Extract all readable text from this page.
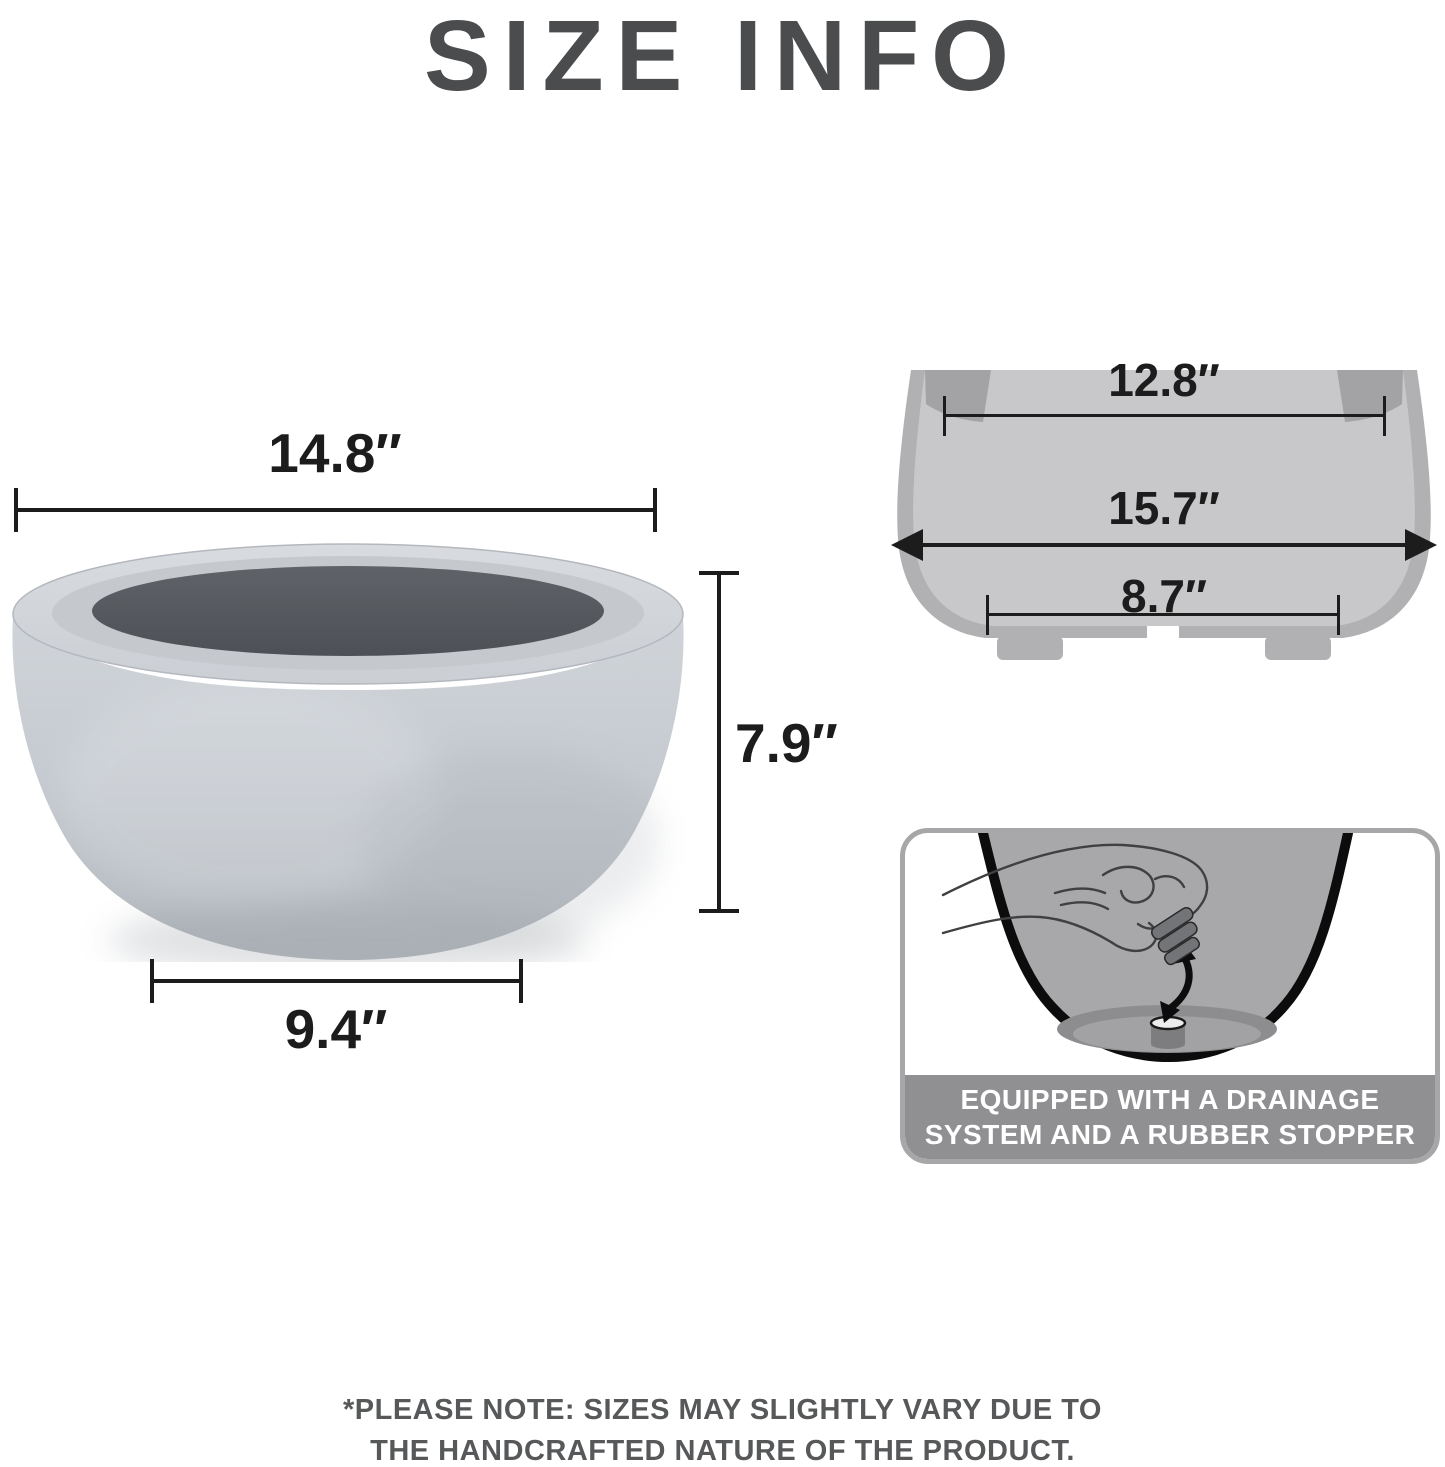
SIZE INFO
14.8″
7.9″
9.4″
12.8″
15.7″
8.7″
EQUIPPED WITH A DRAINAGE
SYSTEM AND A RUBBER STOPPER
*PLEASE NOTE: SIZES MAY SLIGHTLY VARY DUE TO
THE HANDCRAFTED NATURE OF THE PRODUCT.
